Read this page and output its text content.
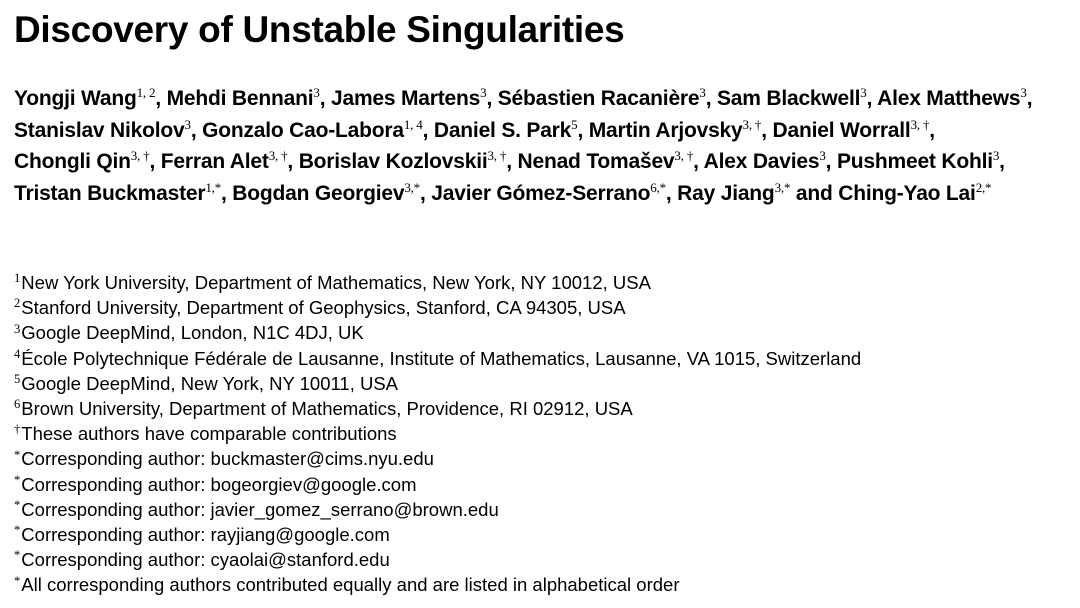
Discovery of Unstable Singularities
Yongji Wang$^{1, 2}$, Mehdi Bennani$^3$, James Martens$^3$, Sébastien Racanière$^3$, Sam Blackwell$^3$, Alex Matthews$^3$, Stanislav Nikolov$^3$, Gonzalo Cao-Labora$^{1, 4}$, Daniel S. Park$^5$, Martin Arjovsky$^{3, \dagger}$, Daniel Worrall$^{3, \dagger}$, Chongli Qin$^{3, \dagger}$, Ferran Alet$^{3, \dagger}$, Borislav Kozlovskii$^{3, \dagger}$, Nenad Tomašev$^{3, \dagger}$, Alex Davies$^3$, Pushmeet Kohli$^3$, Tristan Buckmaster$^{1,*}$, Bogdan Georgiev$^{3,*}$, Javier Gómez-Serrano$^{6,*}$, Ray Jiang$^{3,*}$ and Ching-Yao Lai$^{2,*}$
$^1$New York University, Department of Mathematics, New York, NY 10012, USA
$^2$Stanford University, Department of Geophysics, Stanford, CA 94305, USA
$^3$Google DeepMind, London, N1C 4DJ, UK
$^4$École Polytechnique Fédérale de Lausanne, Institute of Mathematics, Lausanne, VA 1015, Switzerland
$^5$Google DeepMind, New York, NY 10011, USA
$^6$Brown University, Department of Mathematics, Providence, RI 02912, USA
†These authors have comparable contributions
*Corresponding author: buckmaster@cims.nyu.edu
*Corresponding author: bogeorgiev@google.com
*Corresponding author: javier_gomez_serrano@brown.edu
*Corresponding author: rayjiang@google.com
*Corresponding author: cyaolai@stanford.edu
*All corresponding authors contributed equally and are listed in alphabetical order
